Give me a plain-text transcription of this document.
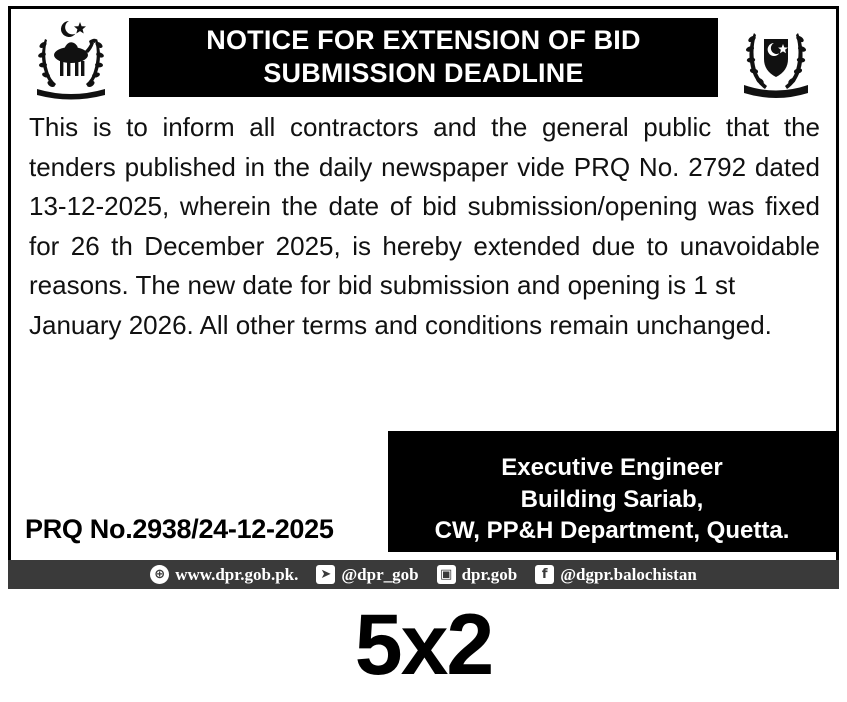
NOTICE FOR EXTENSION OF BID
SUBMISSION DEADLINE

This is to inform all contractors and the general public that the tenders published in the daily newspaper vide PRQ No. 2792 dated 13-12-2025, wherein the date of bid submission/opening was fixed for 26 th December 2025, is hereby extended due to unavoidable reasons. The new date for bid submission and opening is 1 st
January 2026. All other terms and conditions remain unchanged.

Executive Engineer
Building Sariab,
CW, PP&H Department, Quetta.
PRQ No.2938/24-12-2025
⊕ www.dpr.gob.pk.	➤ @dpr_gob ▣ dpr.gob	f @dgpr.balochistan
5x2
